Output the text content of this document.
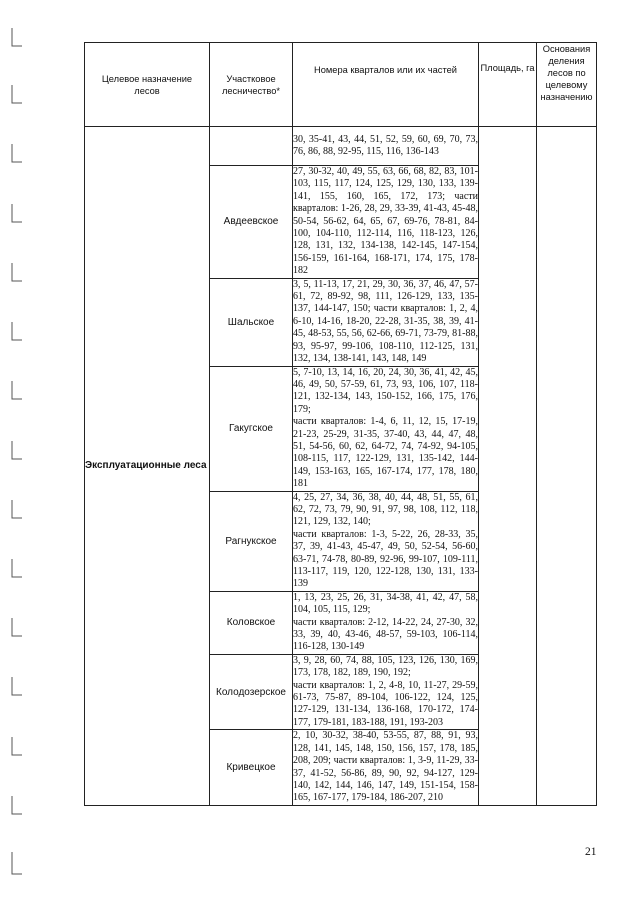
Целевое назначение лесов	Участковое лесничество*	Номера кварталов или их частей	Площадь, га	Основания деления лесов по целевому назначению
Эксплуатационные леса		30, 35-41, 43, 44, 51, 52, 59, 60, 69, 70, 73, 76, 86, 88, 92-95, 115, 116, 136-143		

	Авдеевское	27, 30-32, 40, 49, 55, 63, 66, 68, 82, 83, 101-103, 115, 117, 124, 125, 129, 130, 133, 139-141, 155, 160, 165, 172, 173; части кварталов: 1-26, 28, 29, 33-39, 41-43, 45-48, 50-54, 56-62, 64, 65, 67, 69-76, 78-81, 84-100, 104-110, 112-114, 116, 118-123, 126, 128, 131, 132, 134-138, 142-145, 147-154, 156-159, 161-164, 168-171, 174, 175, 178-182		

	Шальское	3, 5, 11-13, 17, 21, 29, 30, 36, 37, 46, 47, 57-61, 72, 89-92, 98, 111, 126-129, 133, 135-137, 144-147, 150; части кварталов: 1, 2, 4, 6-10, 14-16, 18-20, 22-28, 31-35, 38, 39, 41-45, 48-53, 55, 56, 62-66, 69-71, 73-79, 81-88, 93, 95-97, 99-106, 108-110, 112-125, 131, 132, 134, 138-141, 143, 148, 149		

	Гакугское	5, 7-10, 13, 14, 16, 20, 24, 30, 36, 41, 42, 45, 46, 49, 50, 57-59, 61, 73, 93, 106, 107, 118-121, 132-134, 143, 150-152, 166, 175, 176, 179;
части кварталов: 1-4, 6, 11, 12, 15, 17-19, 21-23, 25-29, 31-35, 37-40, 43, 44, 47, 48, 51, 54-56, 60, 62, 64-72, 74, 74-92, 94-105, 108-115, 117, 122-129, 131, 135-142, 144-149, 153-163, 165, 167-174, 177, 178, 180, 181		

	Рагнукское	4, 25, 27, 34, 36, 38, 40, 44, 48, 51, 55, 61, 62, 72, 73, 79, 90, 91, 97, 98, 108, 112, 118, 121, 129, 132, 140;
части кварталов: 1-3, 5-22, 26, 28-33, 35, 37, 39, 41-43, 45-47, 49, 50, 52-54, 56-60, 63-71, 74-78, 80-89, 92-96, 99-107, 109-111, 113-117, 119, 120, 122-128, 130, 131, 133-139		

	Коловское	1, 13, 23, 25, 26, 31, 34-38, 41, 42, 47, 58, 104, 105, 115, 129;
части кварталов: 2-12, 14-22, 24, 27-30, 32, 33, 39, 40, 43-46, 48-57, 59-103, 106-114, 116-128, 130-149		

	Колодозерское	3, 9, 28, 60, 74, 88, 105, 123, 126, 130, 169, 173, 178, 182, 189, 190, 192;
части кварталов: 1, 2, 4-8, 10, 11-27, 29-59, 61-73, 75-87, 89-104, 106-122, 124, 125, 127-129, 131-134, 136-168, 170-172, 174-177, 179-181, 183-188, 191, 193-203		

	Кривецкое	2, 10, 30-32, 38-40, 53-55, 87, 88, 91, 93, 128, 141, 145, 148, 150, 156, 157, 178, 185, 208, 209; части кварталов: 1, 3-9, 11-29, 33-37, 41-52, 56-86, 89, 90, 92, 94-127, 129-140, 142, 144, 146, 147, 149, 151-154, 158-165, 167-177, 179-184, 186-207, 210		
21
